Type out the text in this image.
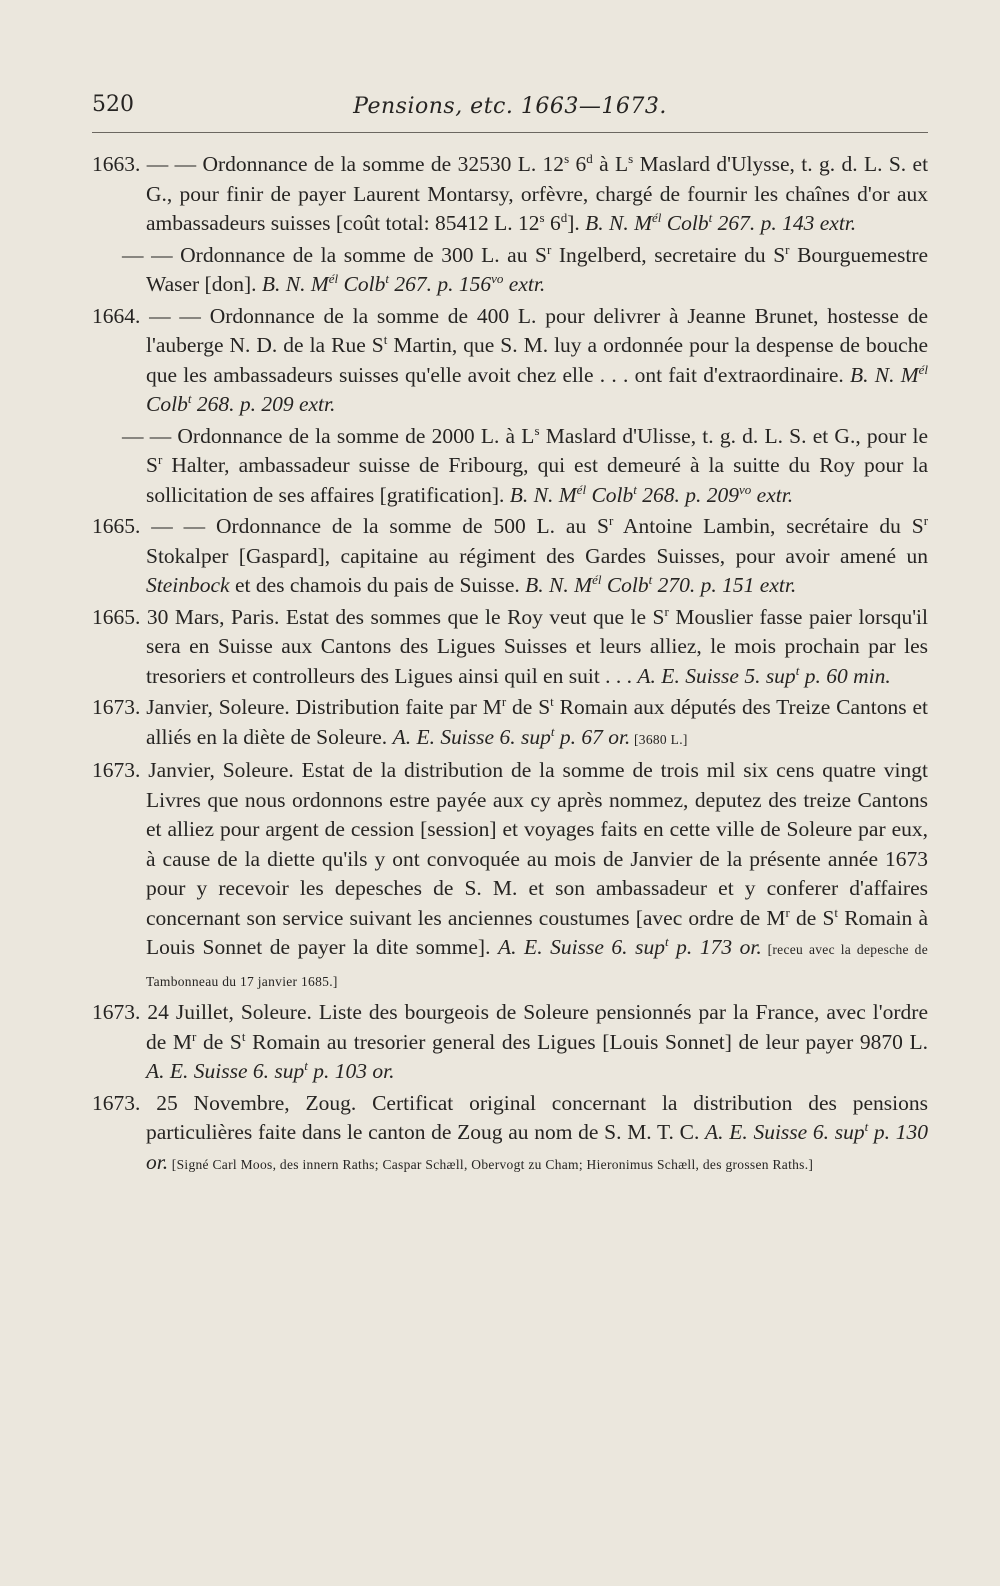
520	Pensions, etc. 1663—1673.

1663. — — Ordonnance de la somme de 32530 L. 12$^s$ 6$^d$ à $L^s$ Maslard d'Ulysse, t. g. d. L. S. et G., pour finir de payer Laurent Montarsy, orfèvre, chargé de fournir les chaînes d'or aux ambassadeurs suisses [coût total: 85412 L. 12$^s$ 6$^d$]. B. N. $M^{él}$ Colb$^t$ 267. p. 143 extr.

— — Ordonnance de la somme de 300 L. au $S^r$ Ingelberd, secretaire du $S^r$ Bourguemestre Waser [don]. B. N. $M^{él}$ Colb$^t$ 267. p. $156^{vo}$ extr.

1664. — — Ordonnance de la somme de 400 L. pour delivrer à Jeanne Brunet, hostesse de l'auberge N. D. de la Rue $S^t$ Martin, que S. M. luy a ordonnée pour la despense de bouche que les ambassadeurs suisses qu'elle avoit chez elle . . . ont fait d'extraordinaire. B. N. $M^{él}$ Colb$^t$ 268. p. 209 extr.

— — Ordonnance de la somme de 2000 L. à $L^s$ Maslard d'Ulisse, t. g. d. L. S. et G., pour le $S^r$ Halter, ambassadeur suisse de Fribourg, qui est demeuré à la suitte du Roy pour la sollicitation de ses affaires [gratification]. B. N. $M^{él}$ Colb$^t$ 268. p. $209^{vo}$ extr.

1665. — — Ordonnance de la somme de 500 L. au $S^r$ Antoine Lambin, secrétaire du $S^r$ Stokalper [Gaspard], capitaine au régiment des Gardes Suisses, pour avoir amené un Steinbock et des chamois du pais de Suisse. B. N. $M^{él}$ Colb$^t$ 270. p. 151 extr.

1665. 30 Mars, Paris. Estat des sommes que le Roy veut que le $S^r$ Mouslier fasse paier lorsqu'il sera en Suisse aux Cantons des Ligues Suisses et leurs alliez, le mois prochain par les tresoriers et controlleurs des Ligues ainsi quil en suit . . . A. E. Suisse 5. sup$^t$ p. 60 min.

1673. Janvier, Soleure. Distribution faite par $M^r$ de $S^t$ Romain aux députés des Treize Cantons et alliés en la diète de Soleure. A. E. Suisse 6. sup$^t$ p. 67 or. [3680 L.]

1673. Janvier, Soleure. Estat de la distribution de la somme de trois mil six cens quatre vingt Livres que nous ordonnons estre payée aux cy après nommez, deputez des treize Cantons et alliez pour argent de cession [session] et voyages faits en cette ville de Soleure par eux, à cause de la diette qu'ils y ont convoquée au mois de Janvier de la présente année 1673 pour y recevoir les depesches de S. M. et son ambassadeur et y conferer d'affaires concernant son service suivant les anciennes coustumes [avec ordre de $M^r$ de $S^t$ Romain à Louis Sonnet de payer la dite somme]. A. E. Suisse 6. sup$^t$ p. 173 or. [receu avec la depesche de Tambonneau du 17 janvier 1685.]

1673. 24 Juillet, Soleure. Liste des bourgeois de Soleure pensionnés par la France, avec l'ordre de $M^r$ de $S^t$ Romain au tresorier general des Ligues [Louis Sonnet] de leur payer 9870 L. A. E. Suisse 6. sup$^t$ p. 103 or.

1673. 25 Novembre, Zoug. Certificat original concernant la distribution des pensions particulières faite dans le canton de Zoug au nom de S. M. T. C. A. E. Suisse 6. sup$^t$ p. 130 or. [Signé Carl Moos, des innern Raths; Caspar Schæll, Obervogt zu Cham; Hieronimus Schæll, des grossen Raths.]
